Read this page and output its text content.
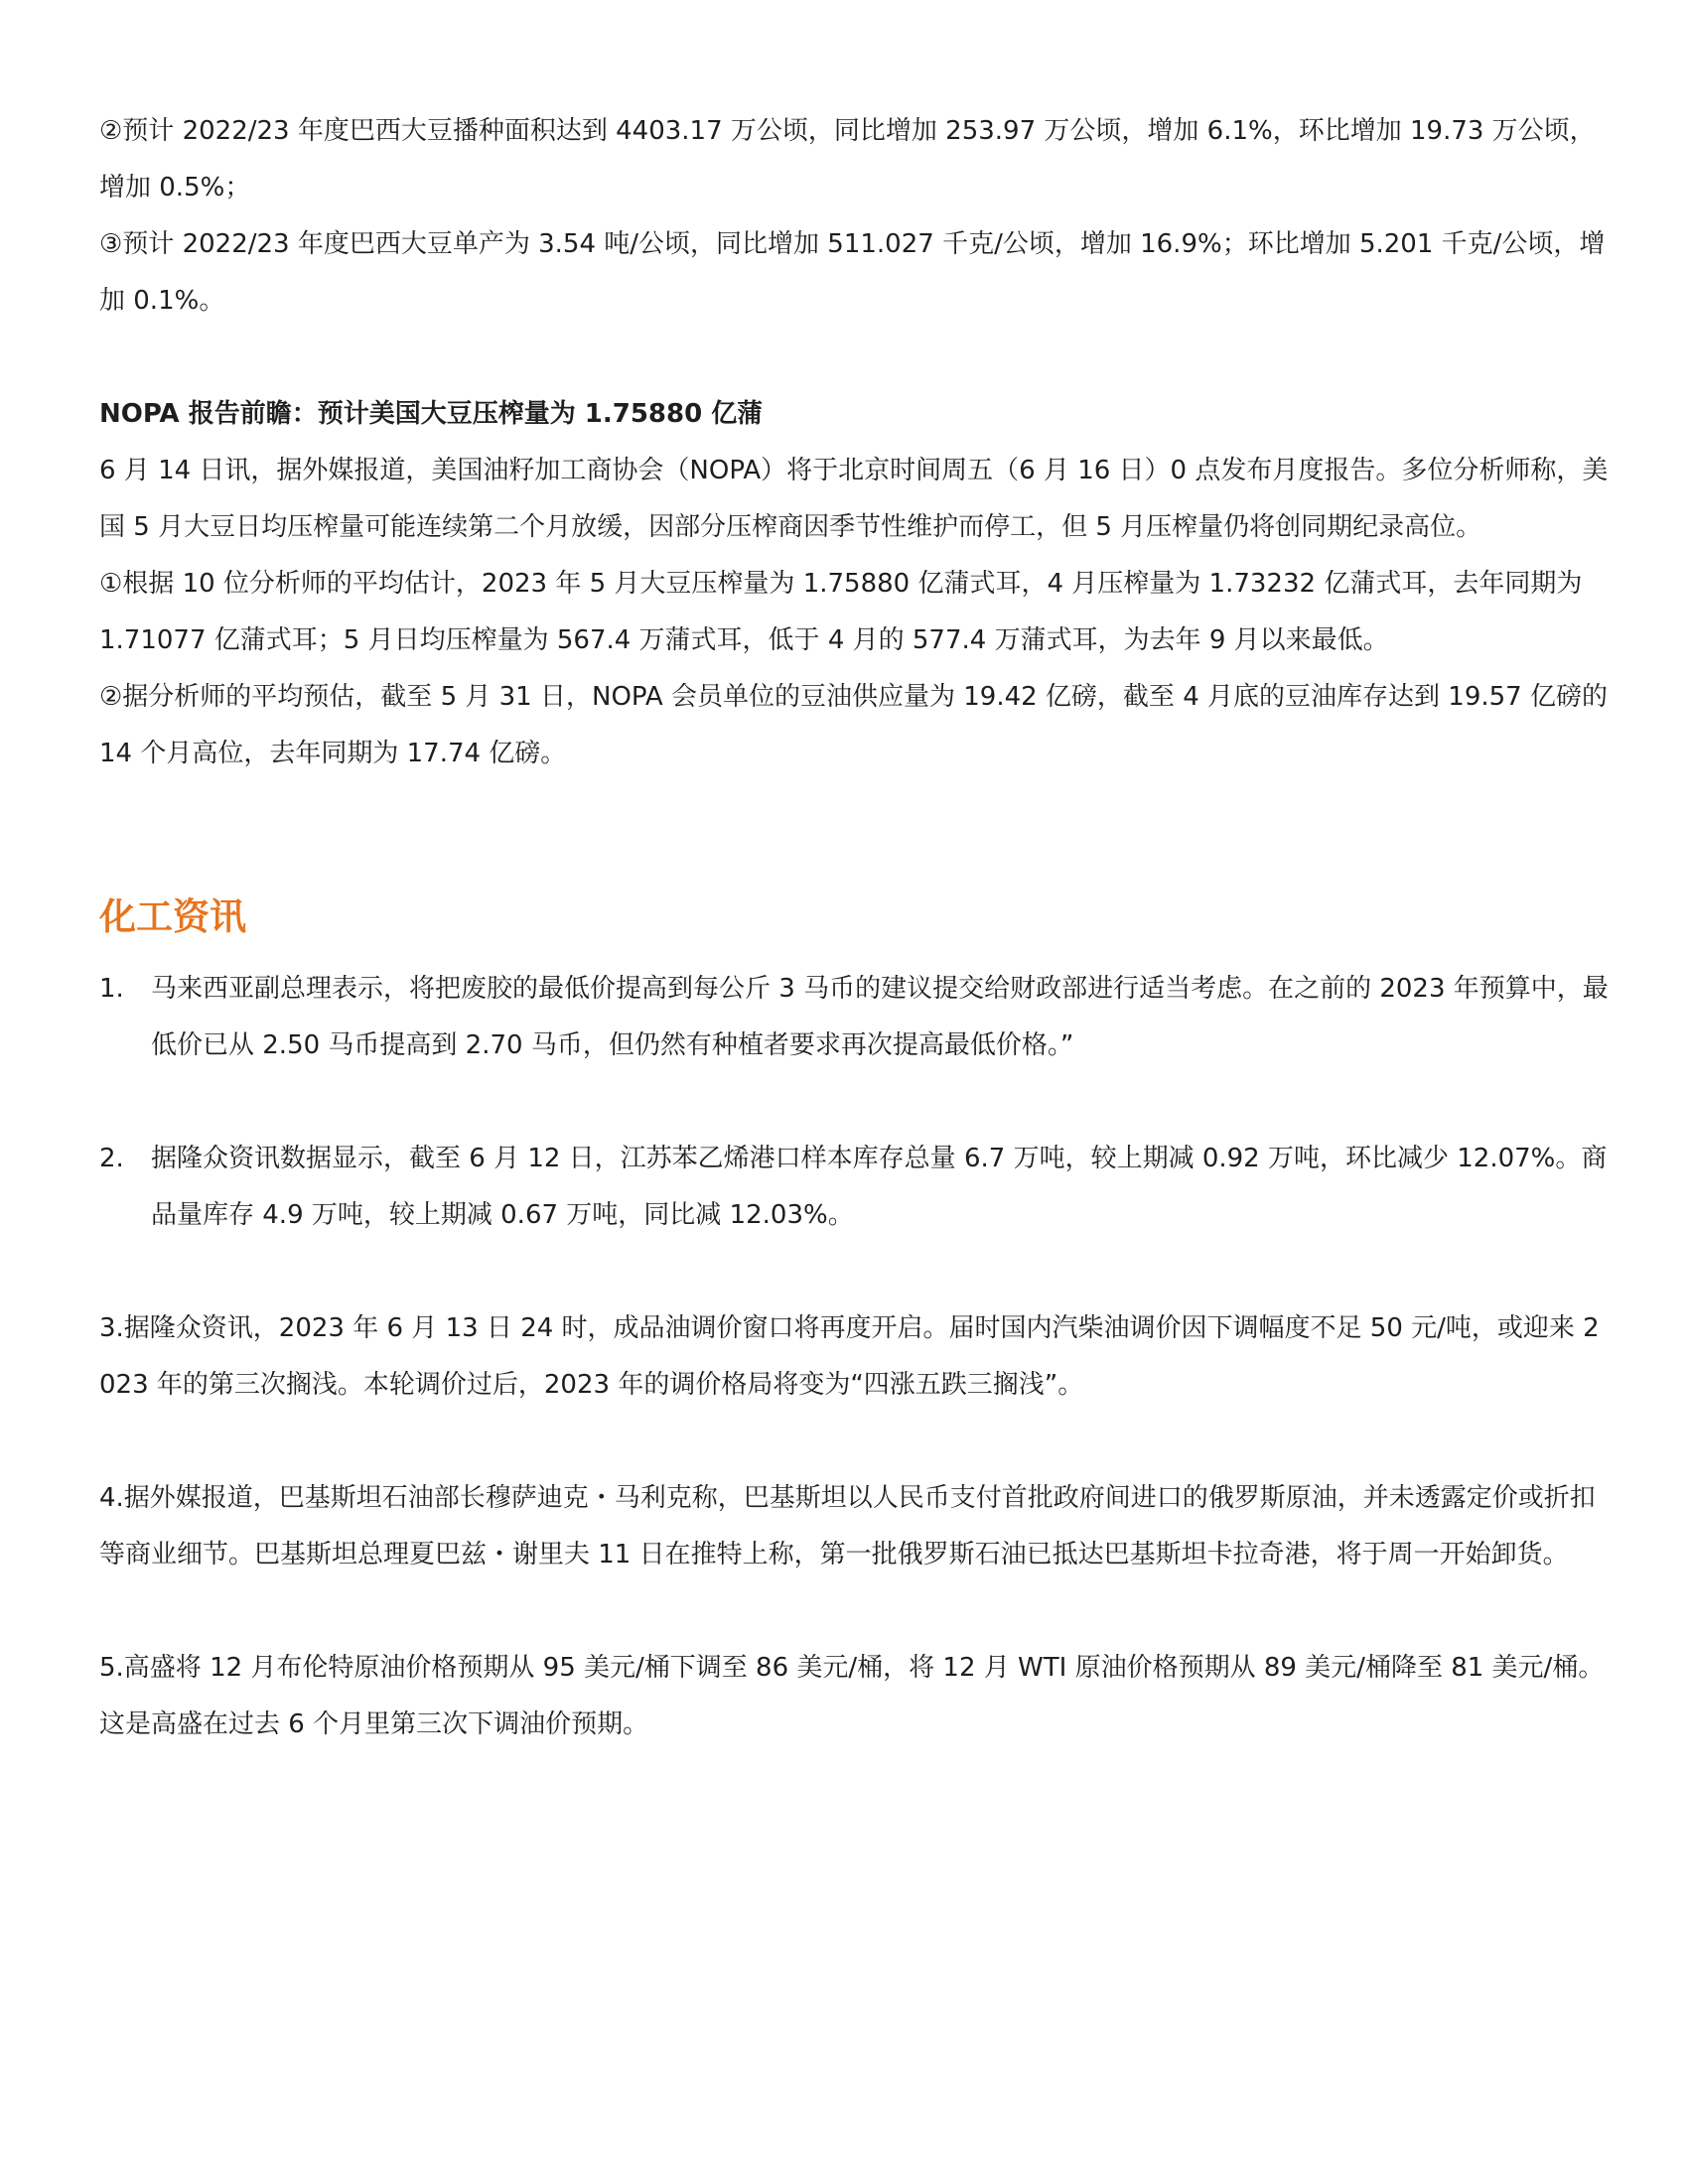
②预计 2022/23 年度巴西大豆播种面积达到 4403.17 万公顷，同比增加 253.97 万公顷，增加 6.1%，环比增加 19.73 万公顷，增加 0.5%；

③预计 2022/23 年度巴西大豆单产为 3.54 吨/公顷，同比增加 511.027 千克/公顷，增加 16.9%；环比增加 5.201 千克/公顷，增加 0.1%。

NOPA 报告前瞻：预计美国大豆压榨量为 1.75880 亿蒲

6 月 14 日讯，据外媒报道，美国油籽加工商协会（NOPA）将于北京时间周五（6 月 16 日）0 点发布月度报告。多位分析师称，美国 5 月大豆日均压榨量可能连续第二个月放缓，因部分压榨商因季节性维护而停工，但 5 月压榨量仍将创同期纪录高位。

①根据 10 位分析师的平均估计，2023 年 5 月大豆压榨量为 1.75880 亿蒲式耳，4 月压榨量为 1.73232 亿蒲式耳，去年同期为 1.71077 亿蒲式耳；5 月日均压榨量为 567.4 万蒲式耳，低于 4 月的 577.4 万蒲式耳，为去年 9 月以来最低。

②据分析师的平均预估，截至 5 月 31 日，NOPA 会员单位的豆油供应量为 19.42 亿磅，截至 4 月底的豆油库存达到 19.57 亿磅的 14 个月高位，去年同期为 17.74 亿磅。

化工资讯
1.	马来西亚副总理表示，将把废胶的最低价提高到每公斤 3 马币的建议提交给财政部进行适当考虑。在之前的 2023 年预算中，最低价已从 2.50 马币提高到 2.70 马币，但仍然有种植者要求再次提高最低价格。”
2.	据隆众资讯数据显示，截至 6 月 12 日，江苏苯乙烯港口样本库存总量 6.7 万吨，较上期减 0.92 万吨，环比减少 12.07%。商品量库存 4.9 万吨，较上期减 0.67 万吨，同比减 12.03%。

3.据隆众资讯，2023 年 6 月 13 日 24 时，成品油调价窗口将再度开启。届时国内汽柴油调价因下调幅度不足 50 元/吨，或迎来 2023 年的第三次搁浅。本轮调价过后，2023 年的调价格局将变为“四涨五跌三搁浅”。

4.据外媒报道，巴基斯坦石油部长穆萨迪克・马利克称，巴基斯坦以人民币支付首批政府间进口的俄罗斯原油，并未透露定价或折扣等商业细节。巴基斯坦总理夏巴兹・谢里夫 11 日在推特上称，第一批俄罗斯石油已抵达巴基斯坦卡拉奇港，将于周一开始卸货。

5.高盛将 12 月布伦特原油价格预期从 95 美元/桶下调至 86 美元/桶，将 12 月 WTI 原油价格预期从 89 美元/桶降至 81 美元/桶。这是高盛在过去 6 个月里第三次下调油价预期。
